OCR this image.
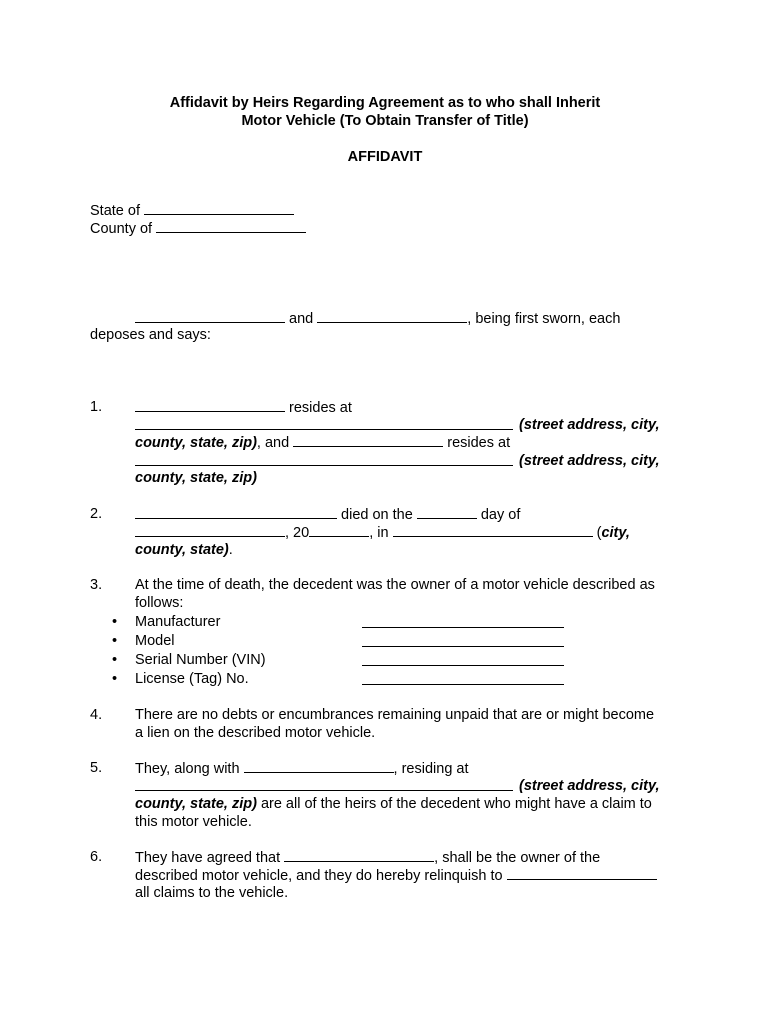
Affidavit by Heirs Regarding Agreement as to who shall Inherit
Motor Vehicle (To Obtain Transfer of Title)
AFFIDAVIT
State of
County of
and	, being first sworn, each
deposes and says:
1.	resides at
(street address, city,
county, state, zip), and	resides at
(street address, city,
county, state, zip)
2.	died on the	day of
, 20	, in	(city,
county, state).
3. At the time of death, the decedent was the owner of a motor vehicle described as
follows:
• Manufacturer
• Model
• Serial Number (VIN)
• License (Tag) No.
4. There are no debts or encumbrances remaining unpaid that are or might become
a lien on the described motor vehicle.
5. They, along with	, residing at
(street address, city,
county, state, zip) are all of the heirs of the decedent who might have a claim to
this motor vehicle.
6. They have agreed that	, shall be the owner of the
described motor vehicle, and they do hereby relinquish to
all claims to the vehicle.
